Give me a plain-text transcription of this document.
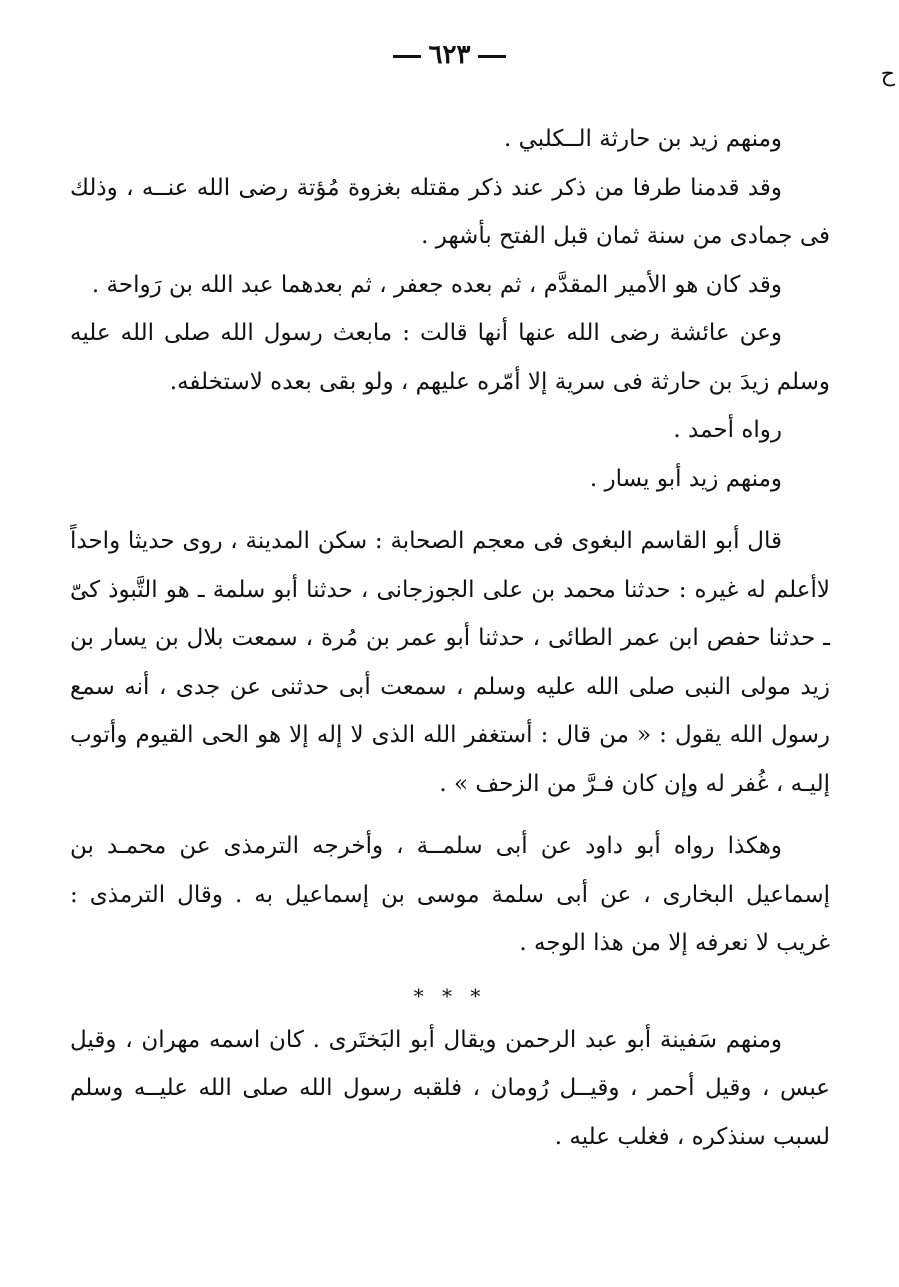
٦٢٣
ح

ومنهم زيد بن حارثة الــكلبي .

وقد قدمنا طرفا من ذكر عند ذكر مقتله بغزوة مُؤتة رضى الله عنــه ، وذلك فى جمادى من سنة ثمان قبل الفتح بأشهر .

وقد كان هو الأمير المقدَّم ، ثم بعده جعفر ، ثم بعدهما عبد الله بن رَواحة .

وعن عائشة رضى الله عنها أنها قالت : مابعث رسول الله صلى الله عليه وسلم زيدَ بن حارثة فى سرية إلا أمّره عليهم ، ولو بقى بعده لاستخلفه.

رواه أحمد .

ومنهم زيد أبو يسار .

قال أبو القاسم البغوى فى معجم الصحابة : سكن المدينة ، روى حديثا واحداً لاأعلم له غيره : حدثنا محمد بن على الجوزجانى ، حدثنا أبو سلمة ـ هو التَّبوذ كىّ ـ حدثنا حفص ابن عمر الطائى ، حدثنا أبو عمر بن مُرة ، سمعت بلال بن يسار بن زيد مولى النبى صلى الله عليه وسلم ، سمعت أبى حدثنى عن جدى ، أنه سمع رسول الله يقول : « من قال : أستغفر الله الذى لا إله إلا هو الحى القيوم وأتوب إليـه ، غُفر له وإن كان فـرَّ من الزحف » .

وهكذا رواه أبو داود عن أبى سلمــة ، وأخرجه الترمذى عن محمـد بن إسماعيل البخارى ، عن أبى سلمة موسى بن إسماعيل به . وقال الترمذى : غريب لا نعرفه إلا من هذا الوجه .

* * *

ومنهم سَفينة أبو عبد الرحمن ويقال أبو البَختَرى . كان اسمه مهران ، وقيل عبس ، وقيل أحمر ، وقيــل رُومان ، فلقبه رسول الله صلى الله عليــه وسلم لسبب سنذكره ، فغلب عليه .
